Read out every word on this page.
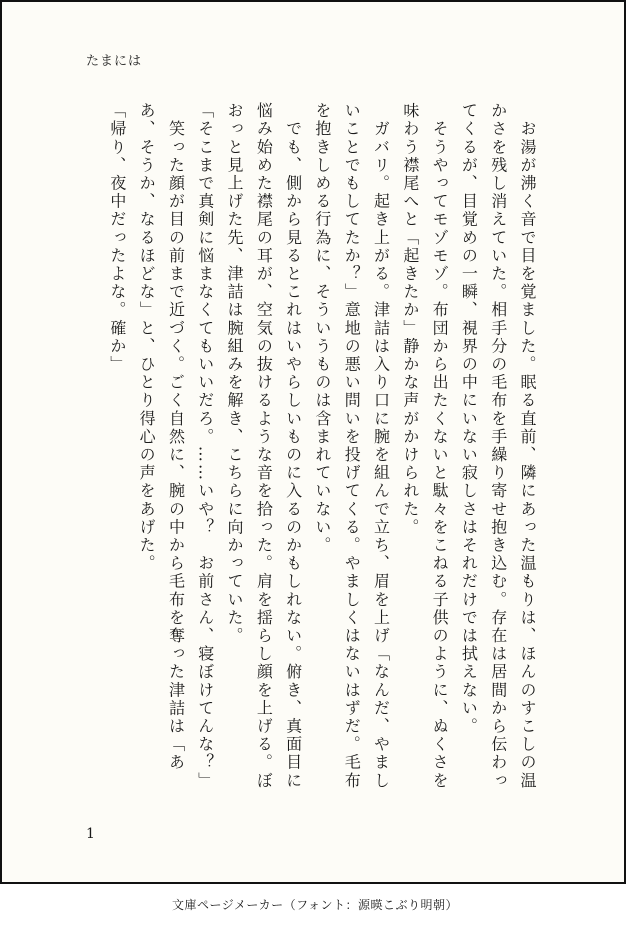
たまには

　お湯が沸く音で目を覚ました。眠る直前、隣にあった温もりは、ほんのすこしの温かさを残し消えていた。相手分の毛布を手繰り寄せ抱き込む。存在は居間から伝わってくるが、目覚めの一瞬、視界の中にいない寂しさはそれだけでは拭えない。

　そうやってモゾモゾ。布団から出たくないと駄々をこねる子供のように、ぬくさを味わう襟尾へと「起きたか」静かな声がかけられた。

　ガバリ。起き上がる。津詰は入り口に腕を組んで立ち、眉を上げ「なんだ、やましいことでもしてたか？」意地の悪い問いを投げてくる。やましくはないはずだ。毛布を抱きしめる行為に、そういうものは含まれていない。

　でも、側から見るとこれはいやらしいものに入るのかもしれない。俯き、真面目に悩み始めた襟尾の耳が、空気の抜けるような音を拾った。肩を揺らし顔を上げる。ぼおっと見上げた先、津詰は腕組みを解き、こちらに向かっていた。

「そこまで真剣に悩まなくてもいいだろ。……いや？　お前さん、寝ぼけてんな？」

　笑った顔が目の前まで近づく。ごく自然に、腕の中から毛布を奪った津詰は「ああ、そうか、なるほどな」と、ひとり得心の声をあげた。

「帰り、夜中だったよな。確か」

1
文庫ページメーカー（フォント：源暎こぶり明朝）
